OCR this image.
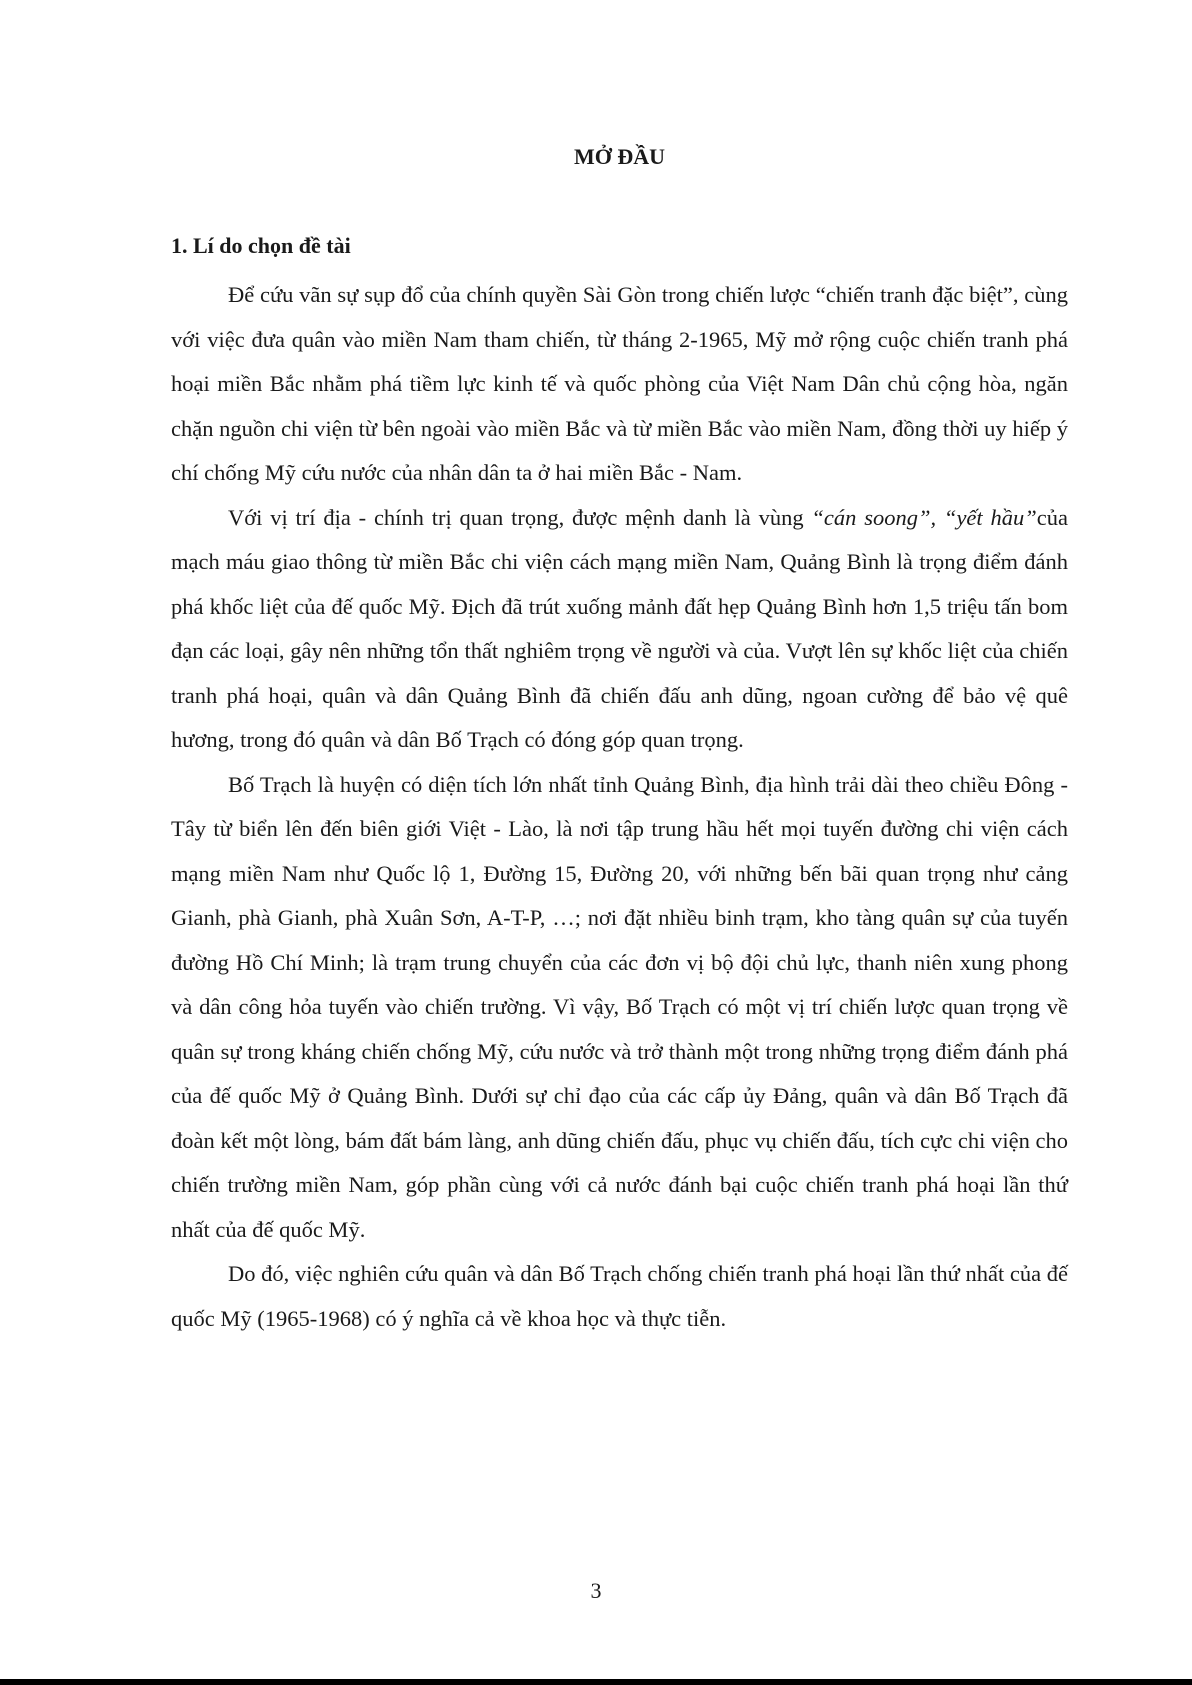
MỞ ĐẦU
1. Lí do chọn đề tài

Để cứu vãn sự sụp đổ của chính quyền Sài Gòn trong chiến lược “chiến tranh đặc biệt”, cùng với việc đưa quân vào miền Nam tham chiến, từ tháng 2-1965, Mỹ mở rộng cuộc chiến tranh phá hoại miền Bắc nhằm phá tiềm lực kinh tế và quốc phòng của Việt Nam Dân chủ cộng hòa, ngăn chặn nguồn chi viện từ bên ngoài vào miền Bắc và từ miền Bắc vào miền Nam, đồng thời uy hiếp ý chí chống Mỹ cứu nước của nhân dân ta ở hai miền Bắc - Nam.

Với vị trí địa - chính trị quan trọng, được mệnh danh là vùng “cán soong”, “yết hầu”của mạch máu giao thông từ miền Bắc chi viện cách mạng miền Nam, Quảng Bình là trọng điểm đánh phá khốc liệt của đế quốc Mỹ. Địch đã trút xuống mảnh đất hẹp Quảng Bình hơn 1,5 triệu tấn bom đạn các loại, gây nên những tổn thất nghiêm trọng về người và của. Vượt lên sự khốc liệt của chiến tranh phá hoại, quân và dân Quảng Bình đã chiến đấu anh dũng, ngoan cường để bảo vệ quê hương, trong đó quân và dân Bố Trạch có đóng góp quan trọng.

Bố Trạch là huyện có diện tích lớn nhất tỉnh Quảng Bình, địa hình trải dài theo chiều Đông - Tây từ biển lên đến biên giới Việt - Lào, là nơi tập trung hầu hết mọi tuyến đường chi viện cách mạng miền Nam như Quốc lộ 1, Đường 15, Đường 20, với những bến bãi quan trọng như cảng Gianh, phà Gianh, phà Xuân Sơn, A-T-P, …; nơi đặt nhiều binh trạm, kho tàng quân sự của tuyến đường Hồ Chí Minh; là trạm trung chuyển của các đơn vị bộ đội chủ lực, thanh niên xung phong và dân công hỏa tuyến vào chiến trường. Vì vậy, Bố Trạch có một vị trí chiến lược quan trọng về quân sự trong kháng chiến chống Mỹ, cứu nước và trở thành một trong những trọng điểm đánh phá của đế quốc Mỹ ở Quảng Bình. Dưới sự chỉ đạo của các cấp ủy Đảng, quân và dân Bố Trạch đã đoàn kết một lòng, bám đất bám làng, anh dũng chiến đấu, phục vụ chiến đấu, tích cực chi viện cho chiến trường miền Nam, góp phần cùng với cả nước đánh bại cuộc chiến tranh phá hoại lần thứ nhất của đế quốc Mỹ.

Do đó, việc nghiên cứu quân và dân Bố Trạch chống chiến tranh phá hoại lần thứ nhất của đế quốc Mỹ (1965-1968) có ý nghĩa cả về khoa học và thực tiễn.

3
